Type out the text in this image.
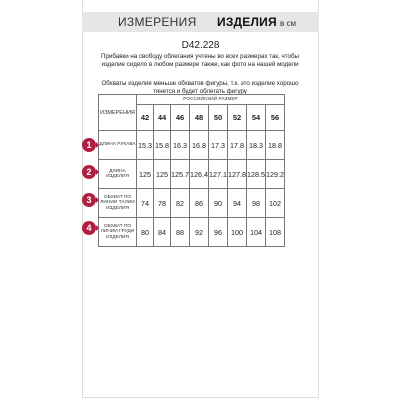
ИЗМЕРЕНИЯ ИЗДЕЛИЯ в см
D42.228
Прибавки на свободу облегания учтены во всех размерах так, чтобы изделие сидело в любом размере также, как фото на нашей модели
Обхваты изделия меньше обхватов фигуры, т.к. это изделие хорошо тянется и будет облегать фигуру
ИЗМЕРЕНИЯ	РОССИЙСКИЙ РАЗМЕР							
	42	44	46	48	50	52	54	56
ДЛИНА РУКАВА	15.3	15.8	16.3	16.8	17.3	17.8	18.3	18.8
ДЛИНА ИЗДЕЛИЯ	125	125	125.7	126.4	127.1	127.8	128.5	129.2
ОБХВАТ ПО ЛИНИИ ТАЛИИ ИЗДЕЛИЯ	74	78	82	86	90	94	98	102
ОБХВАТ ПО ЛИНИИ ГРУДИ ИЗДЕЛИЯ	80	84	88	92	96	100	104	108
1
2
3
4
